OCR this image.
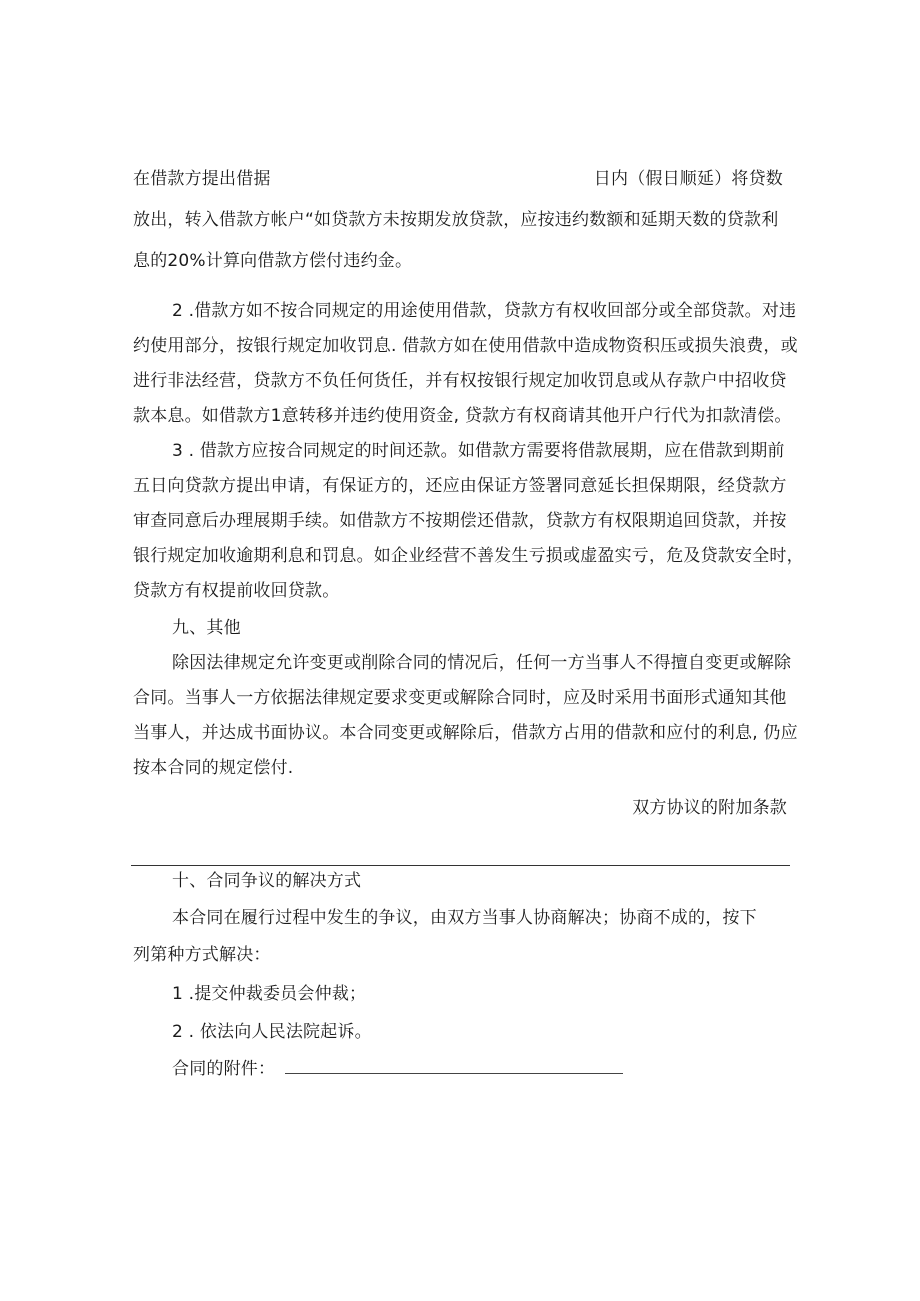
在借款方提出借据	日内（假日顺延）将贷数
放出，转入借款方帐户“如贷款方未按期发放贷款，应按违约数额和延期天数的贷款利
息的20%计算向借款方偿付违约金。
2 .借款方如不按合同规定的用途使用借款，贷款方有权收回部分或全部贷款。对违
约使用部分，按银行规定加收罚息. 借款方如在使用借款中造成物资积压或损失浪费，或
进行非法经营，贷款方不负任何货任，并有权按银行规定加收罚息或从存款户中招收贷
款本息。如借款方1意转移并违约使用资金, 贷款方有权商请其他开户行代为扣款清偿。
3 . 借款方应按合同规定的时间还款。如借款方需要将借款展期，应在借款到期前
五日向贷款方提出申请，有保证方的，还应由保证方签署同意延长担保期限，经贷款方
审查同意后办理展期手续。如借款方不按期偿还借款，贷款方有权限期追回贷款，并按
银行规定加收逾期利息和罚息。如企业经营不善发生亏损或虚盈实亏，危及贷款安全时，
贷款方有权提前收回贷款。
九、其他
除因法律规定允许变更或削除合同的情况后，任何一方当事人不得擅自变更或解除
合同。当事人一方依据法律规定要求变更或解除合同时，应及时采用书面形式通知其他
当事人，并达成书面协议。本合同变更或解除后，借款方占用的借款和应付的利息, 仍应
按本合同的规定偿付.
双方协议的附加条款
十、合同争议的解决方式
本合同在履行过程中发生的争议，由双方当事人协商解决；协商不成的，按下
列第种方式解决：
1 .提交仲裁委员会仲裁；
2 . 依法向人民法院起诉。
合同的附件：
